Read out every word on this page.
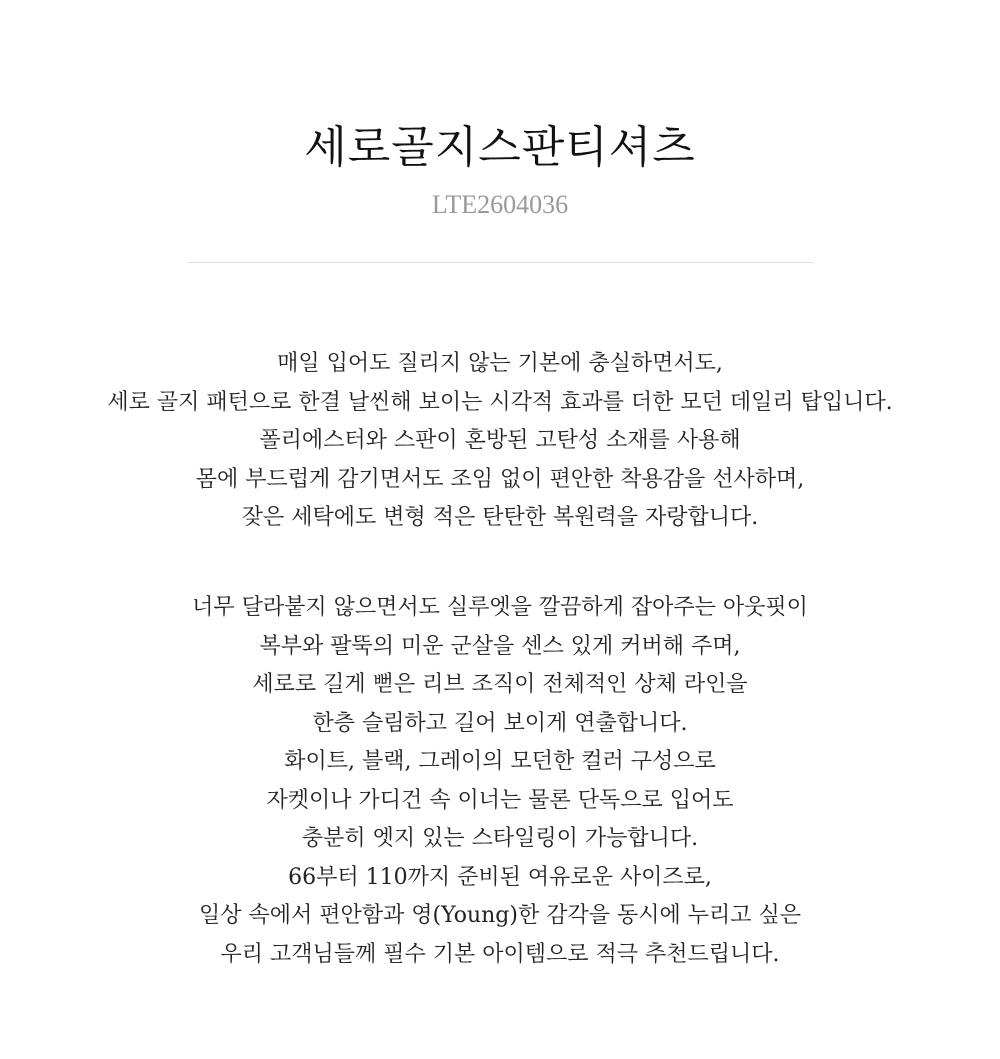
세로골지스판티셔츠
LTE2604036

매일 입어도 질리지 않는 기본에 충실하면서도,
세로 골지 패턴으로 한결 날씬해 보이는 시각적 효과를 더한 모던 데일리 탑입니다.
폴리에스터와 스판이 혼방된 고탄성 소재를 사용해
몸에 부드럽게 감기면서도 조임 없이 편안한 착용감을 선사하며,
잦은 세탁에도 변형 적은 탄탄한 복원력을 자랑합니다.

너무 달라붙지 않으면서도 실루엣을 깔끔하게 잡아주는 아웃핏이
복부와 팔뚝의 미운 군살을 센스 있게 커버해 주며,
세로로 길게 뻗은 리브 조직이 전체적인 상체 라인을
한층 슬림하고 길어 보이게 연출합니다.
화이트, 블랙, 그레이의 모던한 컬러 구성으로
자켓이나 가디건 속 이너는 물론 단독으로 입어도
충분히 엣지 있는 스타일링이 가능합니다.
66부터 110까지 준비된 여유로운 사이즈로,
일상 속에서 편안함과 영(Young)한 감각을 동시에 누리고 싶은
우리 고객님들께 필수 기본 아이템으로 적극 추천드립니다.
